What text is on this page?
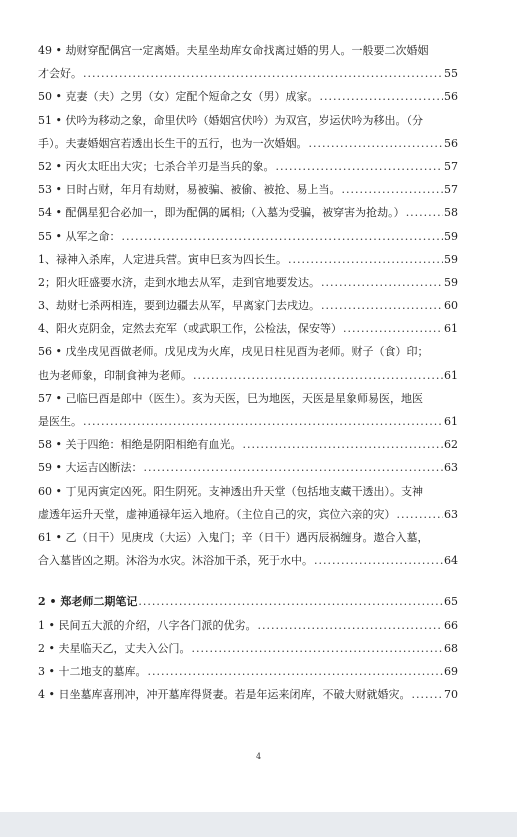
49 • 劫财穿配偶宫一定离婚。夫星坐劫库女命找离过婚的男人。一般要二次婚姻
才会好。 .....	55
50 • 克妻（夫）之男（女）定配个短命之女（男）成家。 .....	56
51 • 伏吟为移动之象，命里伏吟（婚姻宫伏吟）为双宫，岁运伏吟为移出。（分
手）。夫妻婚姻宫若透出长生干的五行，也为一次婚姻。 .....	56
52 • 丙火太旺出大灾；七杀合羊刃是当兵的象。 .....	57
53 • 日时占财，年月有劫财，易被骗、被偷、被抢、易上当。 .....	57
54 • 配偶星犯合必加一，即为配偶的属相;（入墓为受骗，被穿害为抢劫。） .....	58
55 • 从军之命： .....	59
1、禄神入杀库，人定进兵营。寅申巳亥为四长生。 .....	59
2；阳火旺盛要水济，走到水地去从军，走到官地要发达。 .....	59
3、劫财七杀两相连，要到边疆去从军，早离家门去戌边。 .....	60
4、阳火克阴金，定然去充军（或武职工作，公检法，保安等） .....	61
56 • 戊坐戌见酉做老师。戊见戌为火库，戌见日柱见酉为老师。财子（食）印；
也为老师象，印制食神为老师。 .....	61
57 • 己临巳酉是郎中（医生）。亥为天医，巳为地医，天医是星象师易医，地医
是医生。 .....	61
58 • 关于四绝：相绝是阴阳相绝有血光。 .....	62
59 • 大运吉凶断法： .....	63
60 • 丁见丙寅定凶死。阳生阴死。支神透出升天堂（包括地支藏干透出）。支神
虚透年运升天堂，虚神通禄年运入地府。（主位自己的灾，宾位六亲的灾） .....	63
61 • 乙（日干）见庚戌（大运）入鬼门；辛（日干）遇丙辰祸缠身。遨合入墓，
合入墓皆凶之期。沐浴为水灾。沐浴加干杀，死于水中。 .....	64
2 • 郑老师二期笔记 .....	65
1 • 民间五大派的介绍，八字各门派的优劣。 .....	66
2 • 夫星临天乙，丈夫入公门。 .....	68
3 • 十二地支的墓库。 .....	69
4 • 日坐墓库喜刑冲，冲开墓库得贤妻。若是年运来闭库，不破大财就婚灾。 .....	70
4
